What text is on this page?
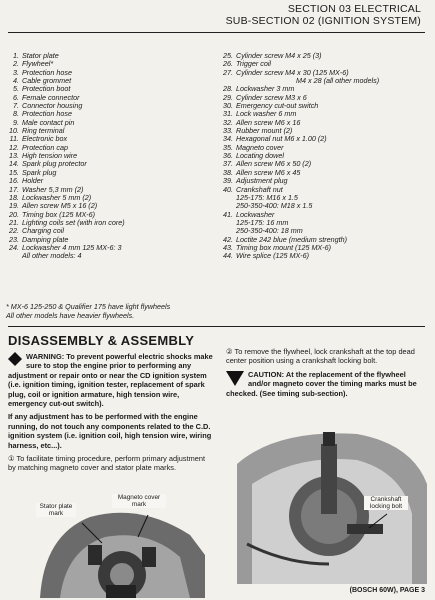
SECTION 03 ELECTRICAL
SUB-SECTION 02 (IGNITION SYSTEM)
1. Stator plate
2. Flywheel*
3. Protection hose
4. Cable grommet
5. Protection boot
6. Female connector
7. Connector housing
8. Protection hose
9. Male contact pin
10. Ring terminal
11. Electronic box
12. Protection cap
13. High tension wire
14. Spark plug protector
15. Spark plug
16. Holder
17. Washer 5,3 mm (2)
18. Lockwasher 5 mm (2)
19. Allen screw M5 x 16 (2)
20. Timing box (125 MX-6)
21. Lighting coils set (with iron core)
22. Charging coil
23. Damping plate
24. Lockwasher 4 mm 125 MX-6: 3
All other models: 4
25. Cylinder screw M4 x 25 (3)
26. Trigger coil
27. Cylinder screw M4 x 30 (125 MX-6)
M4 x 28 (all other models)
28. Lockwasher 3 mm
29. Cylinder screw M3 x 6
30. Emergency cut-out switch
31. Lock washer 6 mm
32. Allen screw M6 x 16
33. Rubber mount (2)
34. Hexagonal nut M6 x 1.00 (2)
35. Magneto cover
36. Locating dowel
37. Allen screw M6 x 50 (2)
38. Allen screw M6 x 45
39. Adjustment plug
40. Crankshaft nut
125-175: M16 x 1.5
250-350-400: M18 x 1.5
41. Lockwasher
125-175: 16 mm
250-350-400: 18 mm
42. Loctite 242 blue (medium strength)
43. Timing box mount (125 MX-6)
44. Wire splice (125 MX-6)
* MX-6 125-250 & Qualifier 175 have light flywheels
All other models have heavier flywheels.
DISASSEMBLY & ASSEMBLY
WARNING: To prevent powerful electric shocks make sure to stop the engine prior to performing any adjustment or repair onto or near the CD ignition system (i.e. ignition timing, ignition tester, replacement of spark plug, coil or ignition armature, high tension wire, emergency cut-out switch).
If any adjustment has to be performed with the engine running, do not touch any components related to the C.D. ignition system (i.e. ignition coil, high tension wire, wiring harness, etc...).
① To facilitate timing procedure, perform primary adjustment by matching magneto cover and stator plate marks.
② To remove the flywheel, lock crankshaft at the top dead center position using a crankshaft locking bolt.
CAUTION: At the replacement of the flywheel and/or magneto cover the timing marks must be checked. (See timing sub-section).
Stator plate mark
Magneto cover mark
Crankshaft locking bolt
(BOSCH 60W), PAGE 3
